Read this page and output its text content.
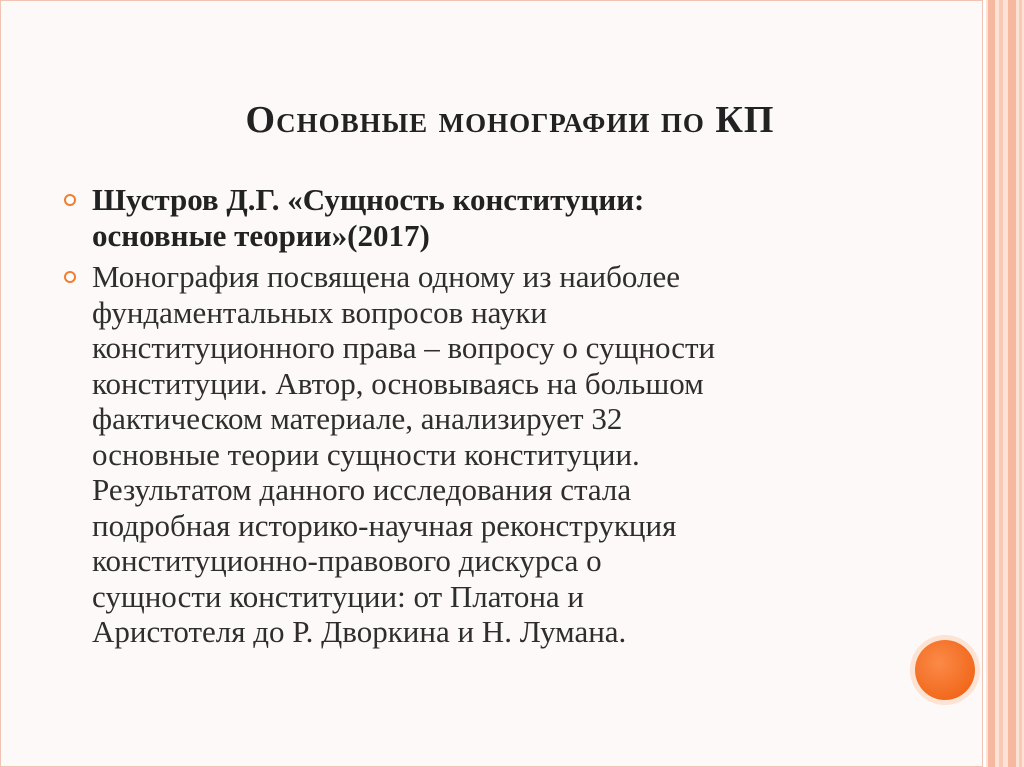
Основные монографии по КП
Шустров Д.Г. «Сущность конституции:
основные теории»(2017)
Монография посвящена одному из наиболее
фундаментальных вопросов науки
конституционного права – вопросу о сущности
конституции. Автор, основываясь на большом
фактическом материале, анализирует 32
основные теории сущности конституции.
Результатом данного исследования стала
подробная историко-научная реконструкция
конституционно-правового дискурса о
сущности конституции: от Платона и
Аристотеля до Р. Дворкина и Н. Лумана.
